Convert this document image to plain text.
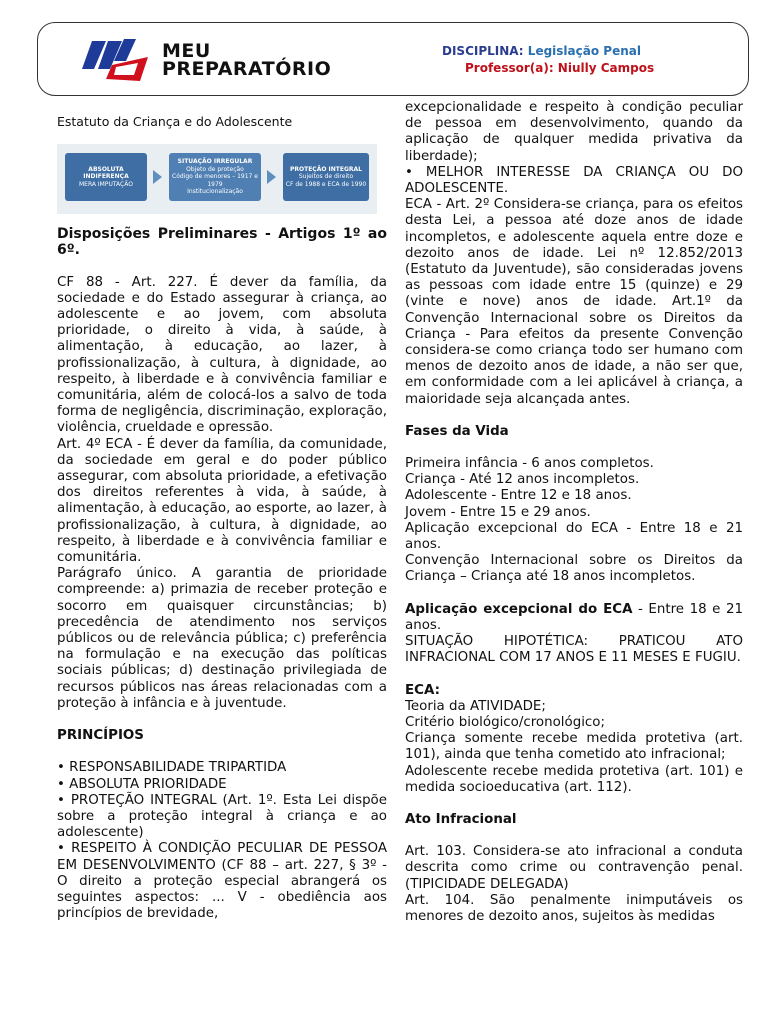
MEU
PREPARATÓRIO
DISCIPLINA: Legislação Penal
Professor(a): Niully Campos

Estatuto da Criança e do Adolescente

ABSOLUTA INDIFERENÇA
MERA IMPUTAÇÃO
SITUAÇÃO IRREGULAR
Objeto de proteção
Código de menores – 1917 e 1979
Institucionalização
PROTEÇÃO INTEGRAL
Sujeitos de direito
CF de 1988 e ECA de 1990

Disposições Preliminares - Artigos 1º ao 6º.

CF 88 - Art. 227. É dever da família, da sociedade e do Estado assegurar à criança, ao adolescente e ao jovem, com absoluta prioridade, o direito à vida, à saúde, à alimentação, à educação, ao lazer, à profissionalização, à cultura, à dignidade, ao respeito, à liberdade e à convivência familiar e comunitária, além de colocá-los a salvo de toda forma de negligência, discriminação, exploração, violência, crueldade e opressão.

Art. 4º ECA - É dever da família, da comunidade, da sociedade em geral e do poder público assegurar, com absoluta prioridade, a efetivação dos direitos referentes à vida, à saúde, à alimentação, à educação, ao esporte, ao lazer, à profissionalização, à cultura, à dignidade, ao respeito, à liberdade e à convivência familiar e comunitária.

Parágrafo único. A garantia de prioridade compreende: a) primazia de receber proteção e socorro em quaisquer circunstâncias; b) precedência de atendimento nos serviços públicos ou de relevância pública; c) preferência na formulação e na execução das políticas sociais públicas; d) destinação privilegiada de recursos públicos nas áreas relacionadas com a proteção à infância e à juventude.

PRINCÍPIOS

• RESPONSABILIDADE TRIPARTIDA

• ABSOLUTA PRIORIDADE

• PROTEÇÃO INTEGRAL (Art. 1º. Esta Lei dispõe sobre a proteção integral à criança e ao adolescente)

• RESPEITO À CONDIÇÃO PECULIAR DE PESSOA EM DESENVOLVIMENTO (CF 88 – art. 227, § 3º - O direito a proteção especial abrangerá os seguintes aspectos: ... V - obediência aos princípios de brevidade,

excepcionalidade e respeito à condição peculiar de pessoa em desenvolvimento, quando da aplicação de qualquer medida privativa da liberdade);

• MELHOR INTERESSE DA CRIANÇA OU DO ADOLESCENTE.

ECA - Art. 2º Considera-se criança, para os efeitos desta Lei, a pessoa até doze anos de idade incompletos, e adolescente aquela entre doze e dezoito anos de idade. Lei nº 12.852/2013 (Estatuto da Juventude), são consideradas jovens as pessoas com idade entre 15 (quinze) e 29 (vinte e nove) anos de idade. Art.1º da Convenção Internacional sobre os Direitos da Criança - Para efeitos da presente Convenção considera-se como criança todo ser humano com menos de dezoito anos de idade, a não ser que, em conformidade com a lei aplicável à criança, a maioridade seja alcançada antes.

Fases da Vida

Primeira infância - 6 anos completos.

Criança - Até 12 anos incompletos.

Adolescente - Entre 12 e 18 anos.

Jovem - Entre 15 e 29 anos.

Aplicação excepcional do ECA - Entre 18 e 21 anos.

Convenção Internacional sobre os Direitos da Criança – Criança até 18 anos incompletos.

Aplicação excepcional do ECA - Entre 18 e 21 anos.

SITUAÇÃO HIPOTÉTICA: PRATICOU ATO INFRACIONAL COM 17 ANOS E 11 MESES E FUGIU.

ECA:

Teoria da ATIVIDADE;

Critério biológico/cronológico;

Criança somente recebe medida protetiva (art. 101), ainda que tenha cometido ato infracional;

Adolescente recebe medida protetiva (art. 101) e medida socioeducativa (art. 112).

Ato Infracional

Art. 103. Considera-se ato infracional a conduta descrita como crime ou contravenção penal. (TIPICIDADE DELEGADA)

Art. 104. São penalmente inimputáveis os menores de dezoito anos, sujeitos às medidas
